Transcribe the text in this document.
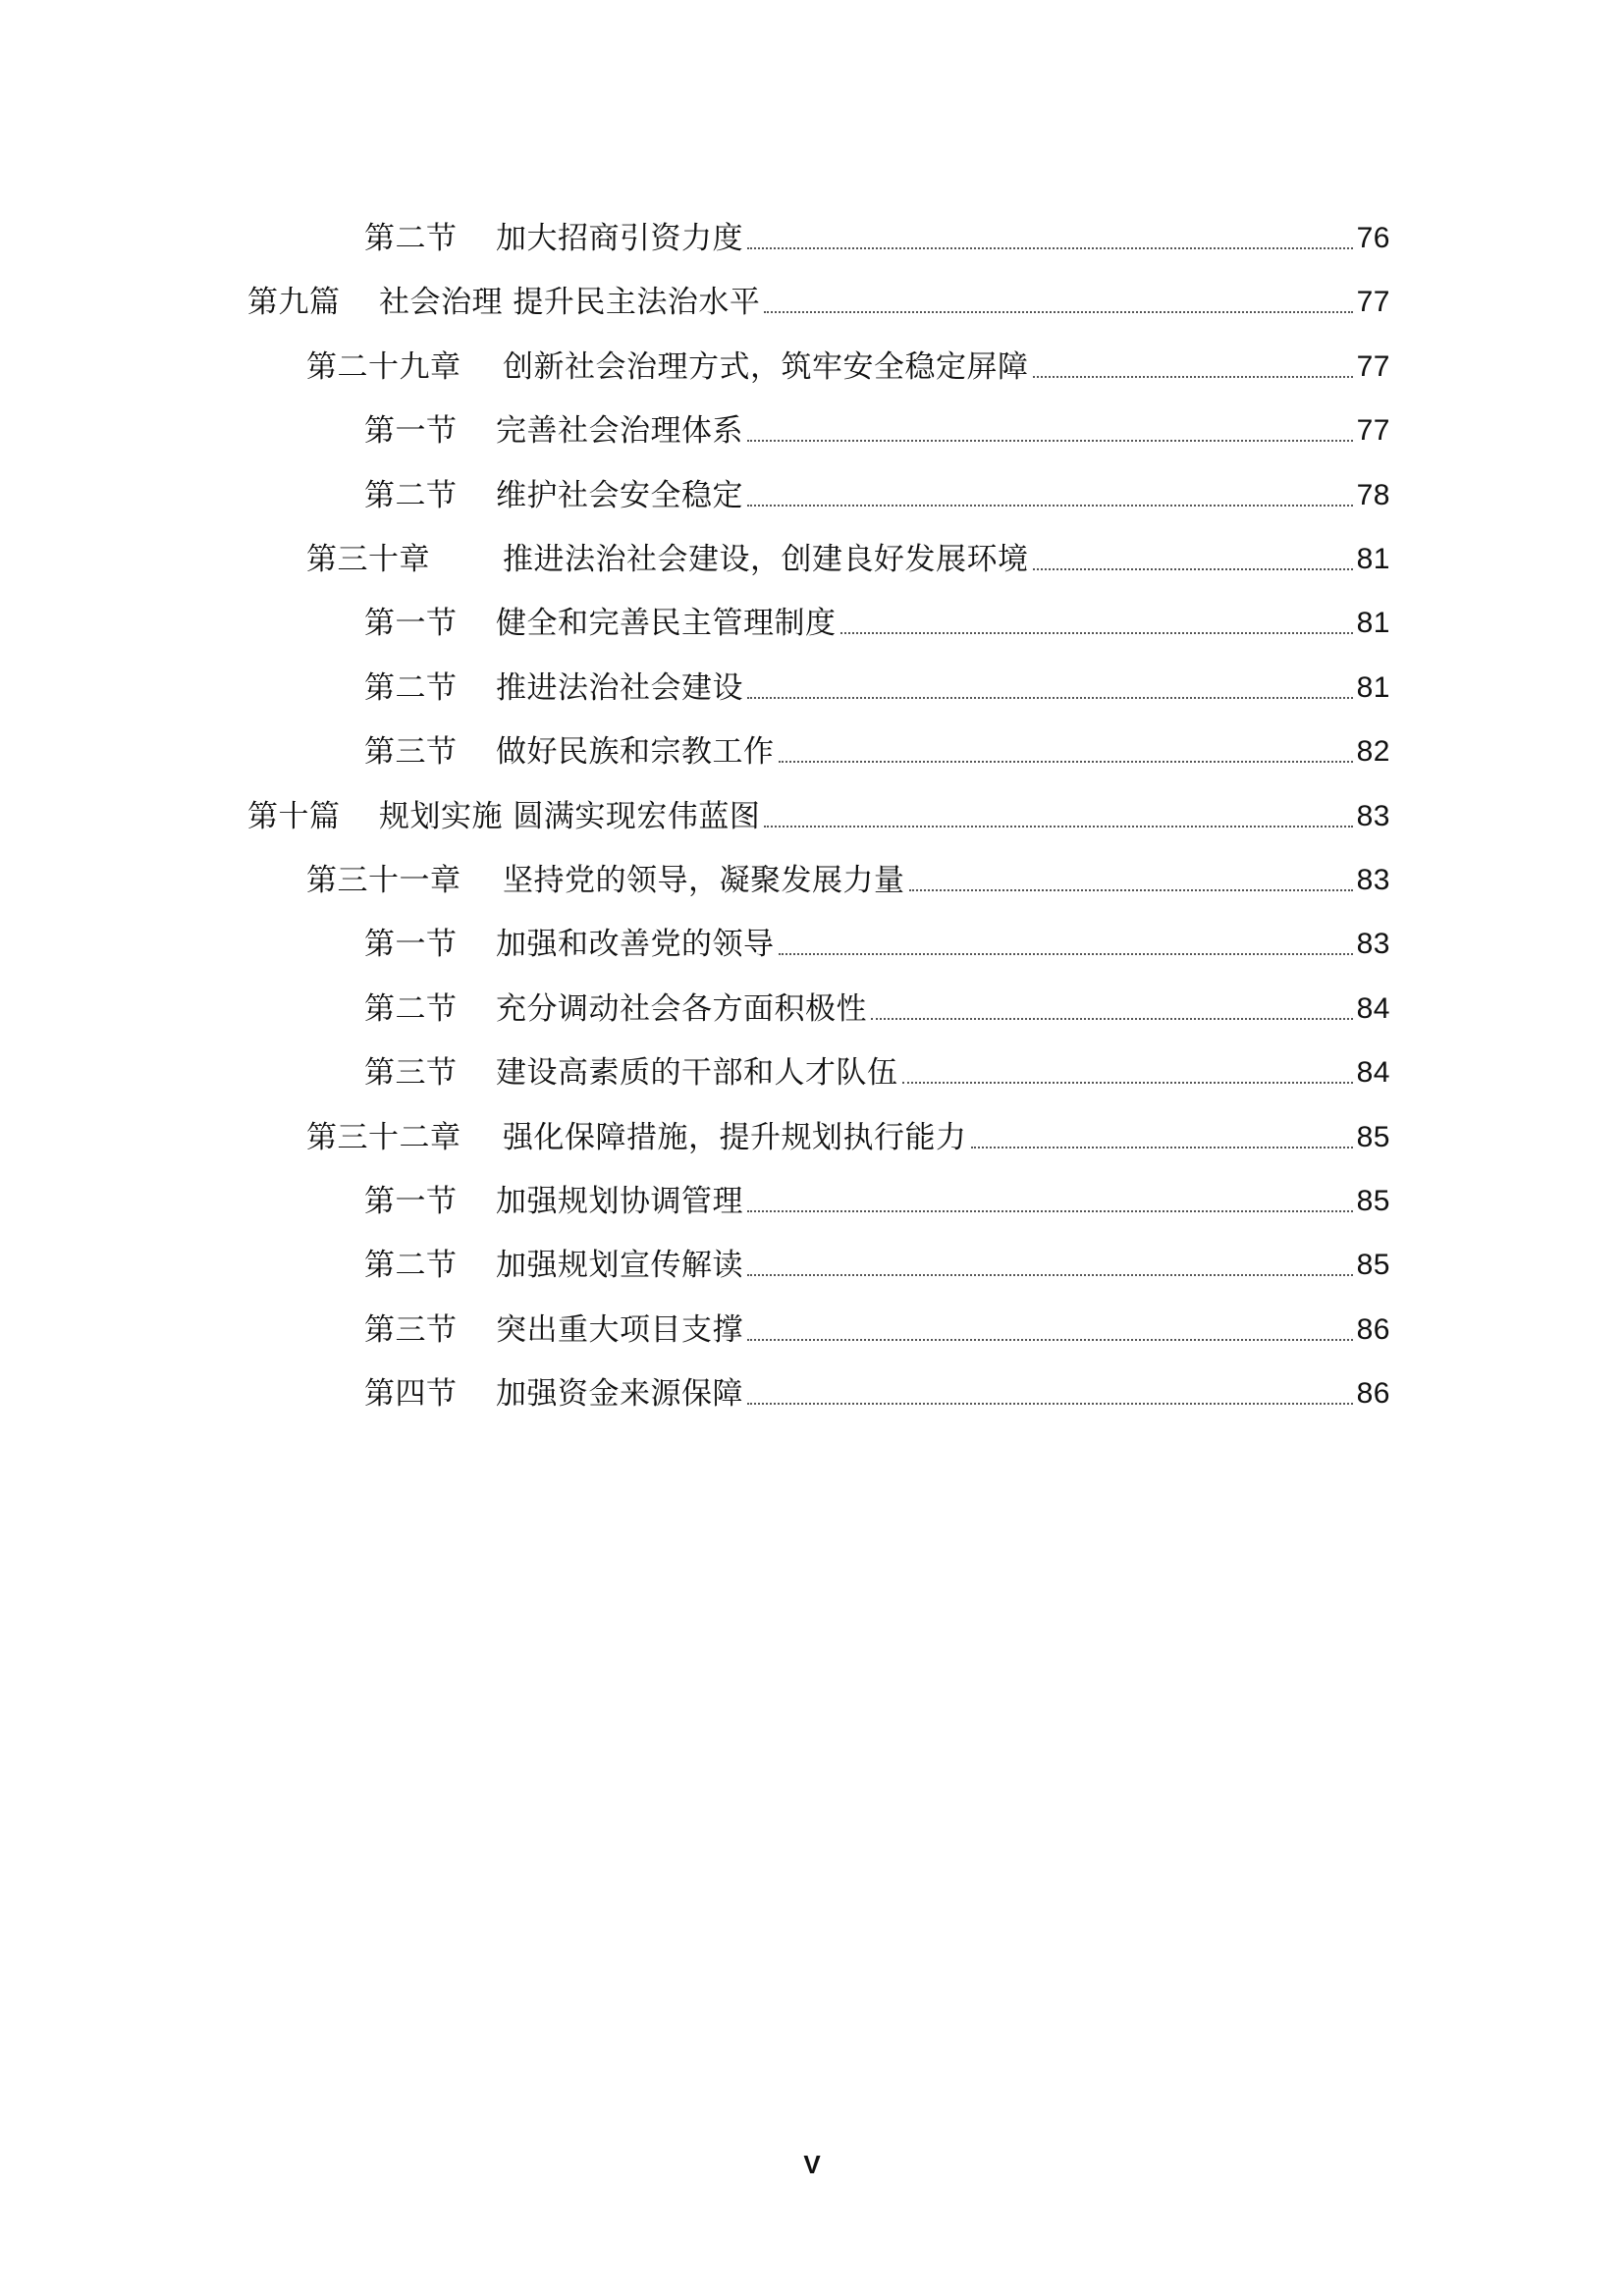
第二节	加大招商引资力度	76
第九篇	社会治理 提升民主法治水平	77
第二十九章	创新社会治理方式，筑牢安全稳定屏障	77
第一节	完善社会治理体系	77
第二节	维护社会安全稳定	78
第三十章	推进法治社会建设，创建良好发展环境	81
第一节	健全和完善民主管理制度	81
第二节	推进法治社会建设	81
第三节	做好民族和宗教工作	82
第十篇	规划实施 圆满实现宏伟蓝图	83
第三十一章	坚持党的领导，凝聚发展力量	83
第一节	加强和改善党的领导	83
第二节	充分调动社会各方面积极性	84
第三节	建设高素质的干部和人才队伍	84
第三十二章	强化保障措施，提升规划执行能力	85
第一节	加强规划协调管理	85
第二节	加强规划宣传解读	85
第三节	突出重大项目支撑	86
第四节	加强资金来源保障	86
V
